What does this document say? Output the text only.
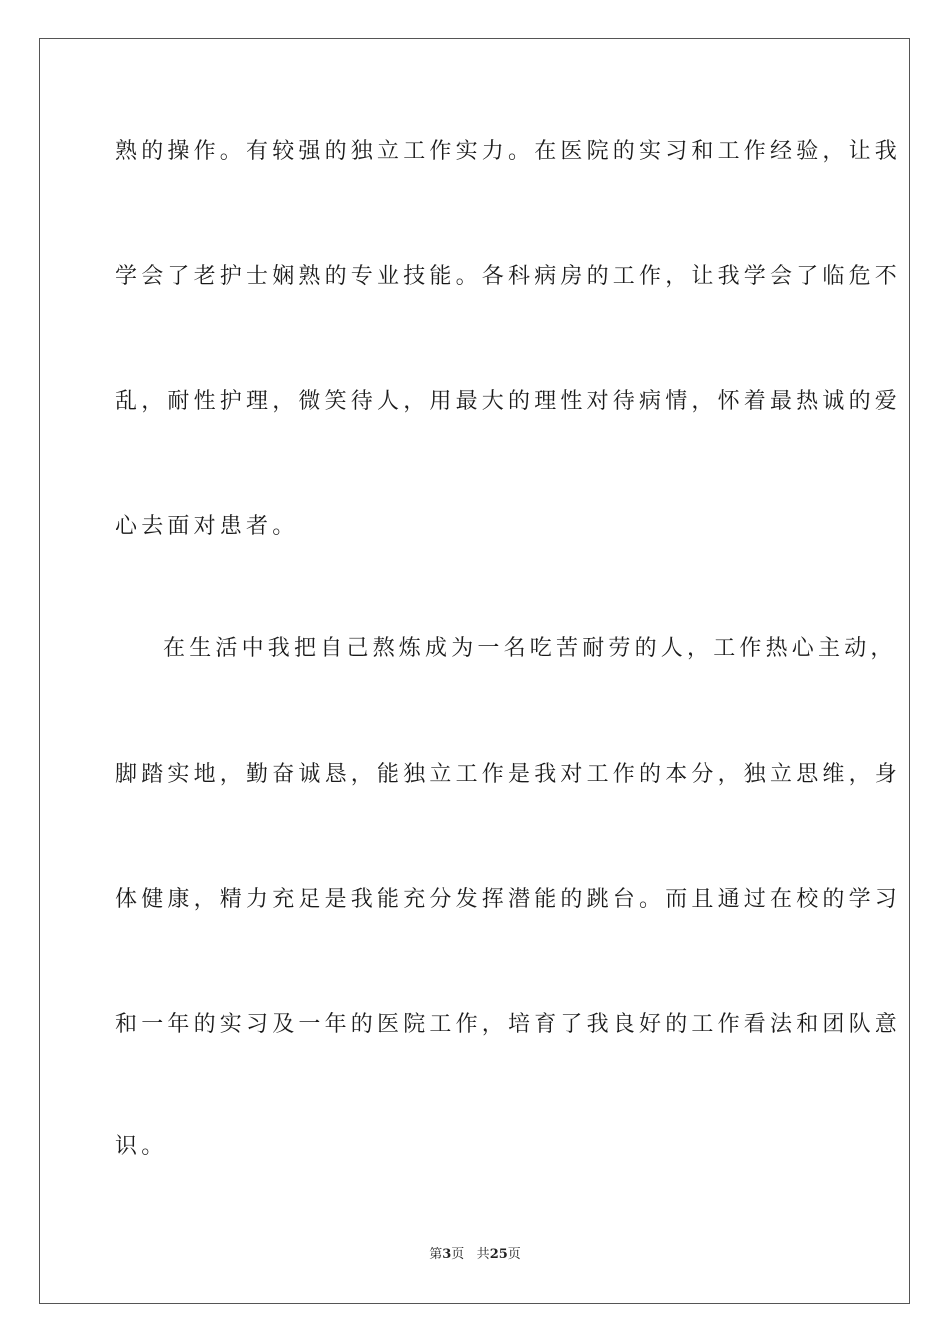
熟的操作。有较强的独立工作实力。在医院的实习和工作经验，让我
学会了老护士娴熟的专业技能。各科病房的工作，让我学会了临危不
乱，耐性护理，微笑待人，用最大的理性对待病情，怀着最热诚的爱
心去面对患者。
在生活中我把自己熬炼成为一名吃苦耐劳的人，工作热心主动，
脚踏实地，勤奋诚恳，能独立工作是我对工作的本分，独立思维，身
体健康，精力充足是我能充分发挥潜能的跳台。而且通过在校的学习
和一年的实习及一年的医院工作，培育了我良好的工作看法和团队意
识。
第3页 共25页
